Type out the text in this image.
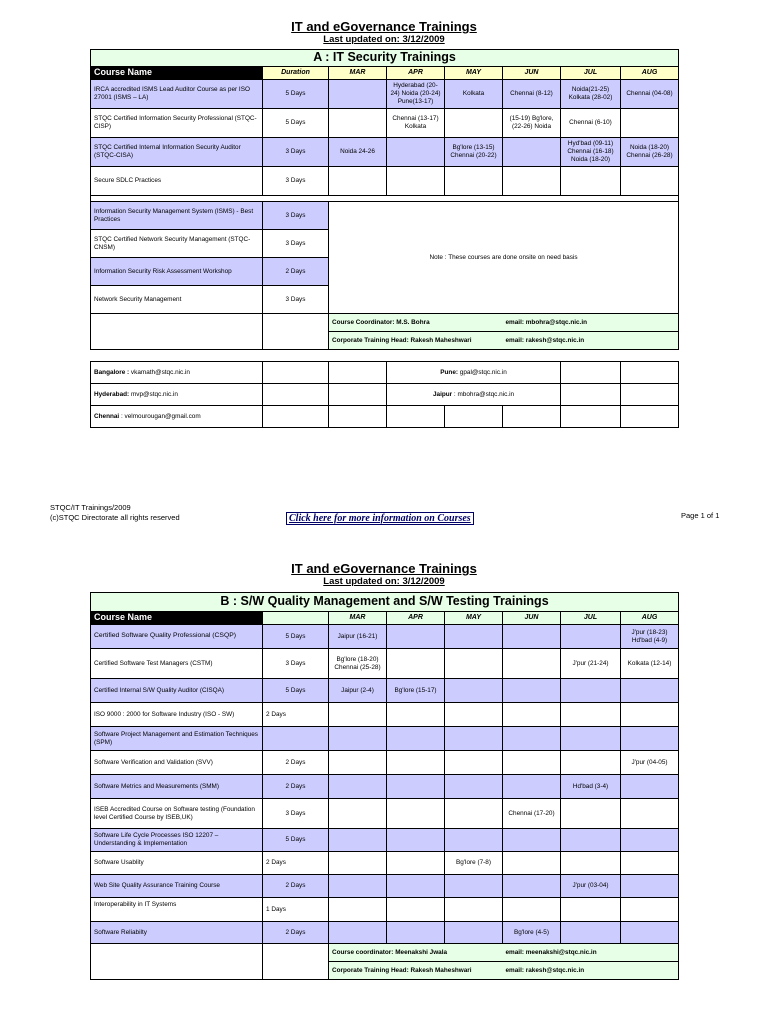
IT and eGovernance Trainings
Last updated on: 3/12/2009
A : IT Security Trainings							
Course Name	Duration	MAR	APR	MAY	JUN	JUL	AUG
IRCA accredited ISMS Lead Auditor Course as per ISO 27001 (ISMS – LA)	5 Days		Hyderabad (20-24) Noida (20-24) Pune(13-17)	Kolkata	Chennai (8-12)	Noida(21-25) Kolkata (28-02)	Chennai (04-08)
STQC Certified Information Security Professional (STQC-CISP)	5 Days		Chennai (13-17) Kolkata		(15-19) Bg'lore, (22-26) Noida	Chennai (6-10)	
STQC Certified Internal Information Security Auditor (STQC-CISA)	3 Days	Noida 24-26		Bg'lore (13-15) Chennai (20-22)		Hyd'bad (09-11) Chennai (16-18) Noida (18-20)	Noida (18-20) Chennai (26-28)
Secure SDLC Practices	3 Days						

Information Security Management System (ISMS) - Best Practices	3 Days	Note : These courses are done onsite on need basis					
STQC Certified Network Security Management (STQC-CNSM)	3 Days						
Information Security Risk Assessment Workshop	2 Days						
Network Security Management	3 Days						
		Course Coordinator: M.S. Bohra			email: mbohra@stqc.nic.in		
		Corporate Training Head: Rakesh Maheshwari			email: rakesh@stqc.nic.in		
Bangalore : vkamath@stqc.nic.in			Pune: gpal@stqc.nic.in				
Hyderabad: mvp@stqc.nic.in			Jaipur : mbohra@stqc.nic.in				
Chennai : velmourougan@gmail.com							
STQC/IT Trainings/2009
(c)STQC Directorate all rights reserved	Click here for more information on Courses	Page 1 of 1
IT and eGovernance Trainings
Last updated on: 3/12/2009
B : S/W Quality Management and S/W Testing Trainings							
Course Name		MAR	APR	MAY	JUN	JUL	AUG
Certified Software Quality Professional (CSQP)	5 Days	Jaipur (16-21)					J'pur (18-23) Hd'bad (4-9)
Certified Software Test Managers (CSTM)	3 Days	Bg'lore (18-20) Chennai (25-28)				J'pur (21-24)	Kolkata (12-14)
Certified Internal S/W Quality Auditor (CISQA)	5 Days	Jaipur (2-4)	Bg'lore (15-17)				
ISO 9000 : 2000 for Software Industry (ISO - SW)	2 Days						
Software Project Management and Estimation Techniques (SPM)							
Software Verification and Validation (SVV)	2 Days						J'pur (04-05)
Software Metrics and Measurements (SMM)	2 Days					Hd'bad (3-4)	
ISEB Accredited Course on Software testing (Foundation level Certified Course by ISEB,UK)	3 Days				Chennai (17-20)		
Software Life Cycle Processes ISO 12207 – Understanding & Implementation	5 Days						
Software Usablity	2 Days			Bg'lore (7-8)			
Web Site Quality Assurance Training Course	2 Days					J'pur (03-04)	
Interoperability in IT Systems	1 Days						
Software Reliabilty	2 Days				Bg'lore (4-5)		
		Course coordinator: Meenakshi Jwala			email: meenakshi@stqc.nic.in		
		Corporate Training Head: Rakesh Maheshwari			email: rakesh@stqc.nic.in		
